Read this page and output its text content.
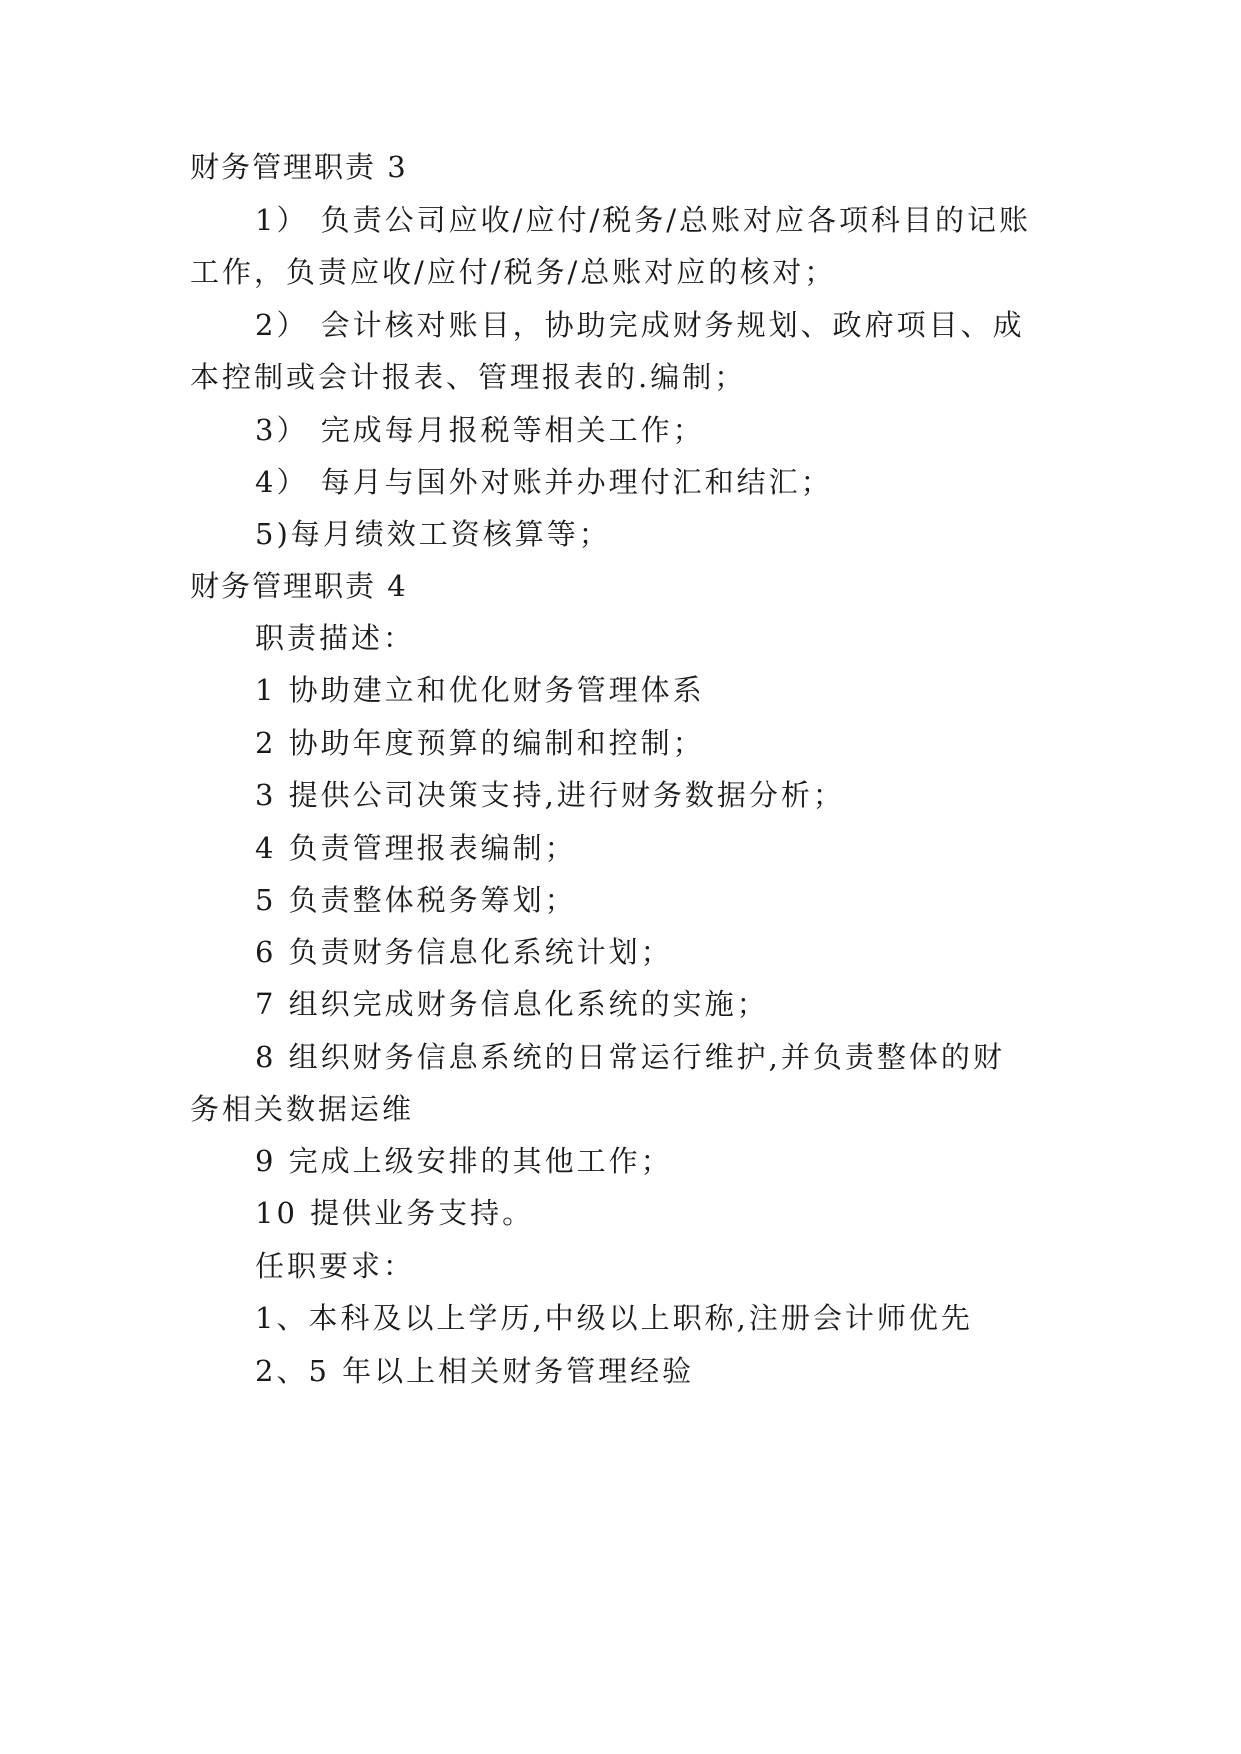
财务管理职责 3
1） 负责公司应收/应付/税务/总账对应各项科目的记账
工作，负责应收/应付/税务/总账对应的核对；
2） 会计核对账目，协助完成财务规划、政府项目、成
本控制或会计报表、管理报表的.编制；
3） 完成每月报税等相关工作；
4） 每月与国外对账并办理付汇和结汇；
5)每月绩效工资核算等；
财务管理职责 4
职责描述：
1 协助建立和优化财务管理体系
2 协助年度预算的编制和控制；
3 提供公司决策支持,进行财务数据分析；
4 负责管理报表编制；
5 负责整体税务筹划；
6 负责财务信息化系统计划；
7 组织完成财务信息化系统的实施；
8 组织财务信息系统的日常运行维护,并负责整体的财
务相关数据运维
9 完成上级安排的其他工作；
10 提供业务支持。
任职要求：
1、本科及以上学历,中级以上职称,注册会计师优先
2、5 年以上相关财务管理经验
